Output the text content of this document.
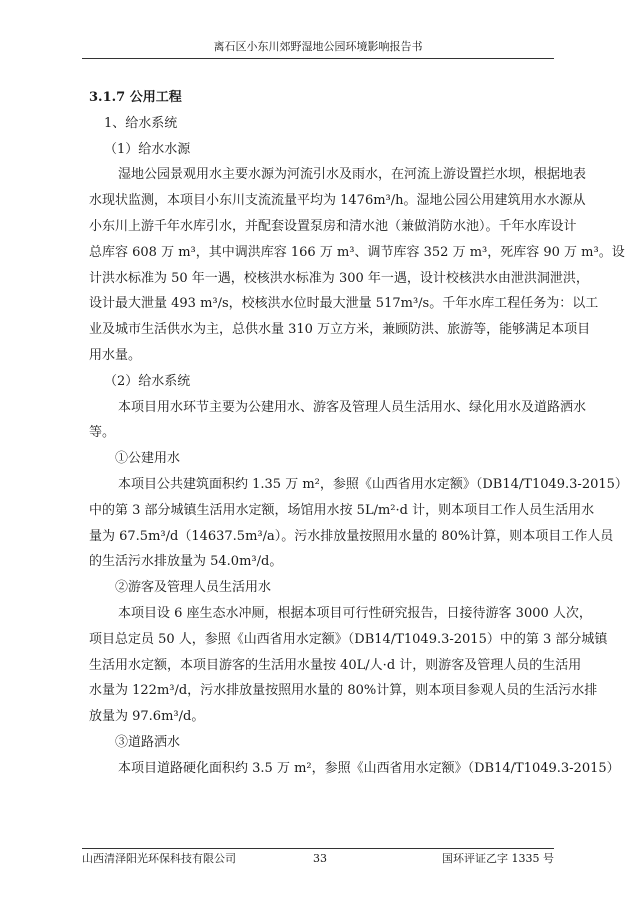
离石区小东川郊野湿地公园环境影响报告书
3.1.7 公用工程
1、给水系统
（1）给水水源
湿地公园景观用水主要水源为河流引水及雨水，在河流上游设置拦水坝，根据地表
水现状监测，本项目小东川支流流量平均为 1476m³/h。湿地公园公用建筑用水水源从
小东川上游千年水库引水，并配套设置泵房和清水池（兼做消防水池）。千年水库设计
总库容 608 万 m³，其中调洪库容 166 万 m³、调节库容 352 万 m³，死库容 90 万 m³。设
计洪水标准为 50 年一遇，校核洪水标准为 300 年一遇，设计校核洪水由泄洪洞泄洪，
设计最大泄量 493 m³/s，校核洪水位时最大泄量 517m³/s。千年水库工程任务为：以工
业及城市生活供水为主，总供水量 310 万立方米，兼顾防洪、旅游等，能够满足本项目
用水量。
（2）给水系统
本项目用水环节主要为公建用水、游客及管理人员生活用水、绿化用水及道路洒水
等。
①公建用水
本项目公共建筑面积约 1.35 万 m²，参照《山西省用水定额》（DB14/T1049.3-2015）
中的第 3 部分城镇生活用水定额，场馆用水按 5L/m²·d 计，则本项目工作人员生活用水
量为 67.5m³/d（14637.5m³/a）。污水排放量按照用水量的 80%计算，则本项目工作人员
的生活污水排放量为 54.0m³/d。
②游客及管理人员生活用水
本项目设 6 座生态水冲厕，根据本项目可行性研究报告，日接待游客 3000 人次，
项目总定员 50 人，参照《山西省用水定额》（DB14/T1049.3-2015）中的第 3 部分城镇
生活用水定额，本项目游客的生活用水量按 40L/人·d 计，则游客及管理人员的生活用
水量为 122m³/d，污水排放量按照用水量的 80%计算，则本项目参观人员的生活污水排
放量为 97.6m³/d。
③道路洒水
本项目道路硬化面积约 3.5 万 m²，参照《山西省用水定额》（DB14/T1049.3-2015）
山西清泽阳光环保科技有限公司	33	国环评证乙字 1335 号
